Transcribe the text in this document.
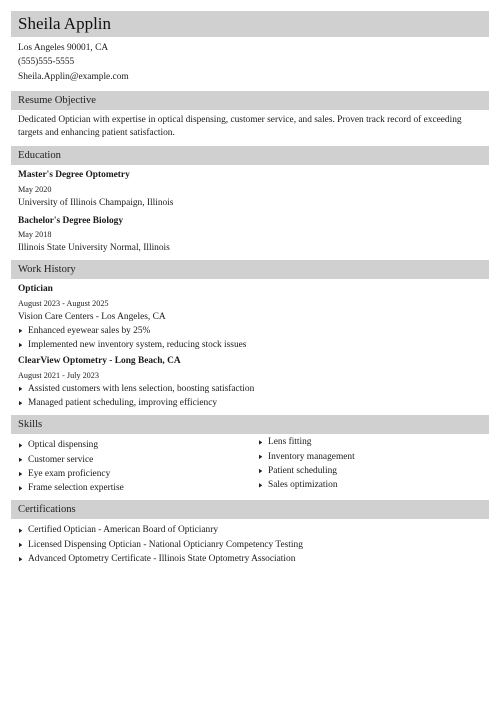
Sheila Applin
Los Angeles 90001, CA
(555)555-5555
Sheila.Applin@example.com
Resume Objective
Dedicated Optician with expertise in optical dispensing, customer service, and sales. Proven track record of exceeding targets and enhancing patient satisfaction.
Education
Master's Degree Optometry
May 2020
University of Illinois Champaign, Illinois
Bachelor's Degree Biology
May 2018
Illinois State University Normal, Illinois
Work History
Optician
August 2023 - August 2025
Vision Care Centers - Los Angeles, CA
Enhanced eyewear sales by 25%
Implemented new inventory system, reducing stock issues
ClearView Optometry - Long Beach, CA
August 2021 - July 2023
Assisted customers with lens selection, boosting satisfaction
Managed patient scheduling, improving efficiency
Skills
Optical dispensing
Customer service
Eye exam proficiency
Frame selection expertise
Lens fitting
Inventory management
Patient scheduling
Sales optimization
Certifications
Certified Optician - American Board of Opticianry
Licensed Dispensing Optician - National Opticianry Competency Testing
Advanced Optometry Certificate - Illinois State Optometry Association
